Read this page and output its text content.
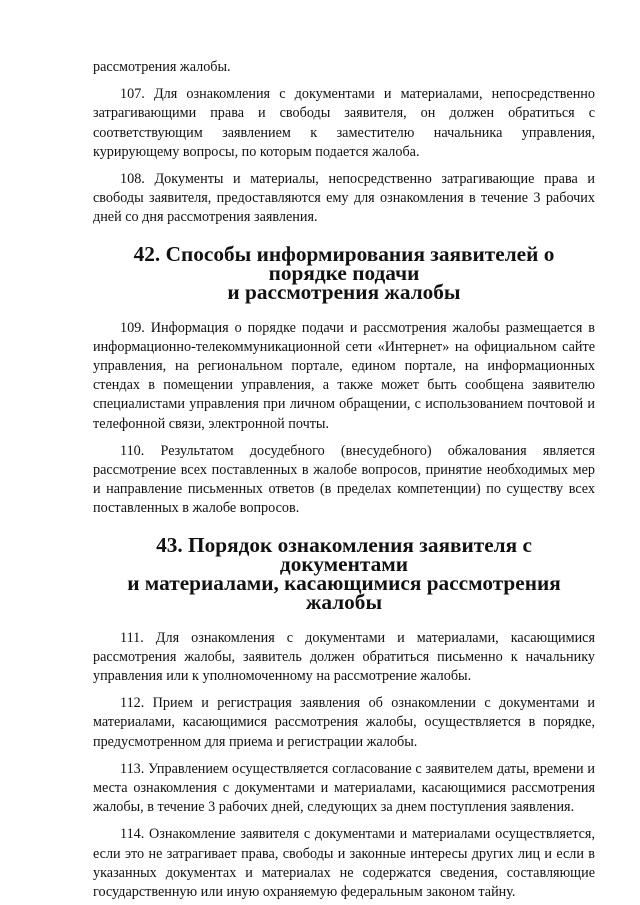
рассмотрения жалобы.

107. Для ознакомления с документами и материалами, непосредственно затрагивающими права и свободы заявителя, он должен обратиться с соответствующим заявлением к заместителю начальника управления, курирующему вопросы, по которым подается жалоба.

108. Документы и материалы, непосредственно затрагивающие права и свободы заявителя, предоставляются ему для ознакомления в течение 3 рабочих дней со дня рассмотрения заявления.

42. Способы информирования заявителей о порядке подачи
и рассмотрения жалобы

109. Информация о порядке подачи и рассмотрения жалобы размещается в информационно-телекоммуникационной сети «Интернет» на официальном сайте управления, на региональном портале, едином портале, на информационных стендах в помещении управления, а также может быть сообщена заявителю специалистами управления при личном обращении, с использованием почтовой и телефонной связи, электронной почты.

110. Результатом досудебного (внесудебного) обжалования является рассмотрение всех поставленных в жалобе вопросов, принятие необходимых мер и направление письменных ответов (в пределах компетенции) по существу всех поставленных в жалобе вопросов.

43. Порядок ознакомления заявителя с документами
и материалами, касающимися рассмотрения жалобы

111. Для ознакомления с документами и материалами, касающимися рассмотрения жалобы, заявитель должен обратиться письменно к начальнику управления или к уполномоченному на рассмотрение жалобы.

112. Прием и регистрация заявления об ознакомлении с документами и материалами, касающимися рассмотрения жалобы, осуществляется в порядке, предусмотренном для приема и регистрации жалобы.

113. Управлением осуществляется согласование с заявителем даты, времени и места ознакомления с документами и материалами, касающимися рассмотрения жалобы, в течение 3 рабочих дней, следующих за днем поступления заявления.

114. Ознакомление заявителя с документами и материалами осуществляется, если это не затрагивает права, свободы и законные интересы других лиц и если в указанных документах и материалах не содержатся сведения, составляющие государственную или иную охраняемую федеральным законом тайну.
